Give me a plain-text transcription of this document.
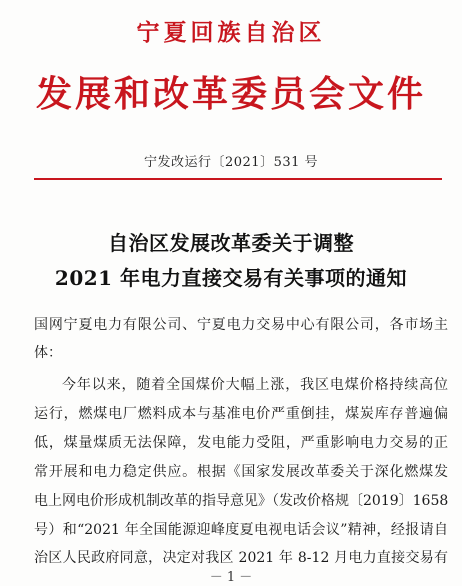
宁夏回族自治区
发展和改革委员会文件
宁发改运行〔2021〕531 号
自治区发展改革委关于调整
2021 年电力直接交易有关事项的通知
国网宁夏电力有限公司、宁夏电力交易中心有限公司，各市场主
体：
今年以来，随着全国煤价大幅上涨，我区电煤价格持续高位
运行，燃煤电厂燃料成本与基准电价严重倒挂，煤炭库存普遍偏
低，煤量煤质无法保障，发电能力受阻，严重影响电力交易的正
常开展和电力稳定供应。根据《国家发展改革委关于深化燃煤发
电上网电价形成机制改革的指导意见》（发改价格规〔2019〕1658
号）和“2021 年全国能源迎峰度夏电视电话会议”精神，经报请自
治区人民政府同意，决定对我区 2021 年 8-12 月电力直接交易有
－ 1 －
